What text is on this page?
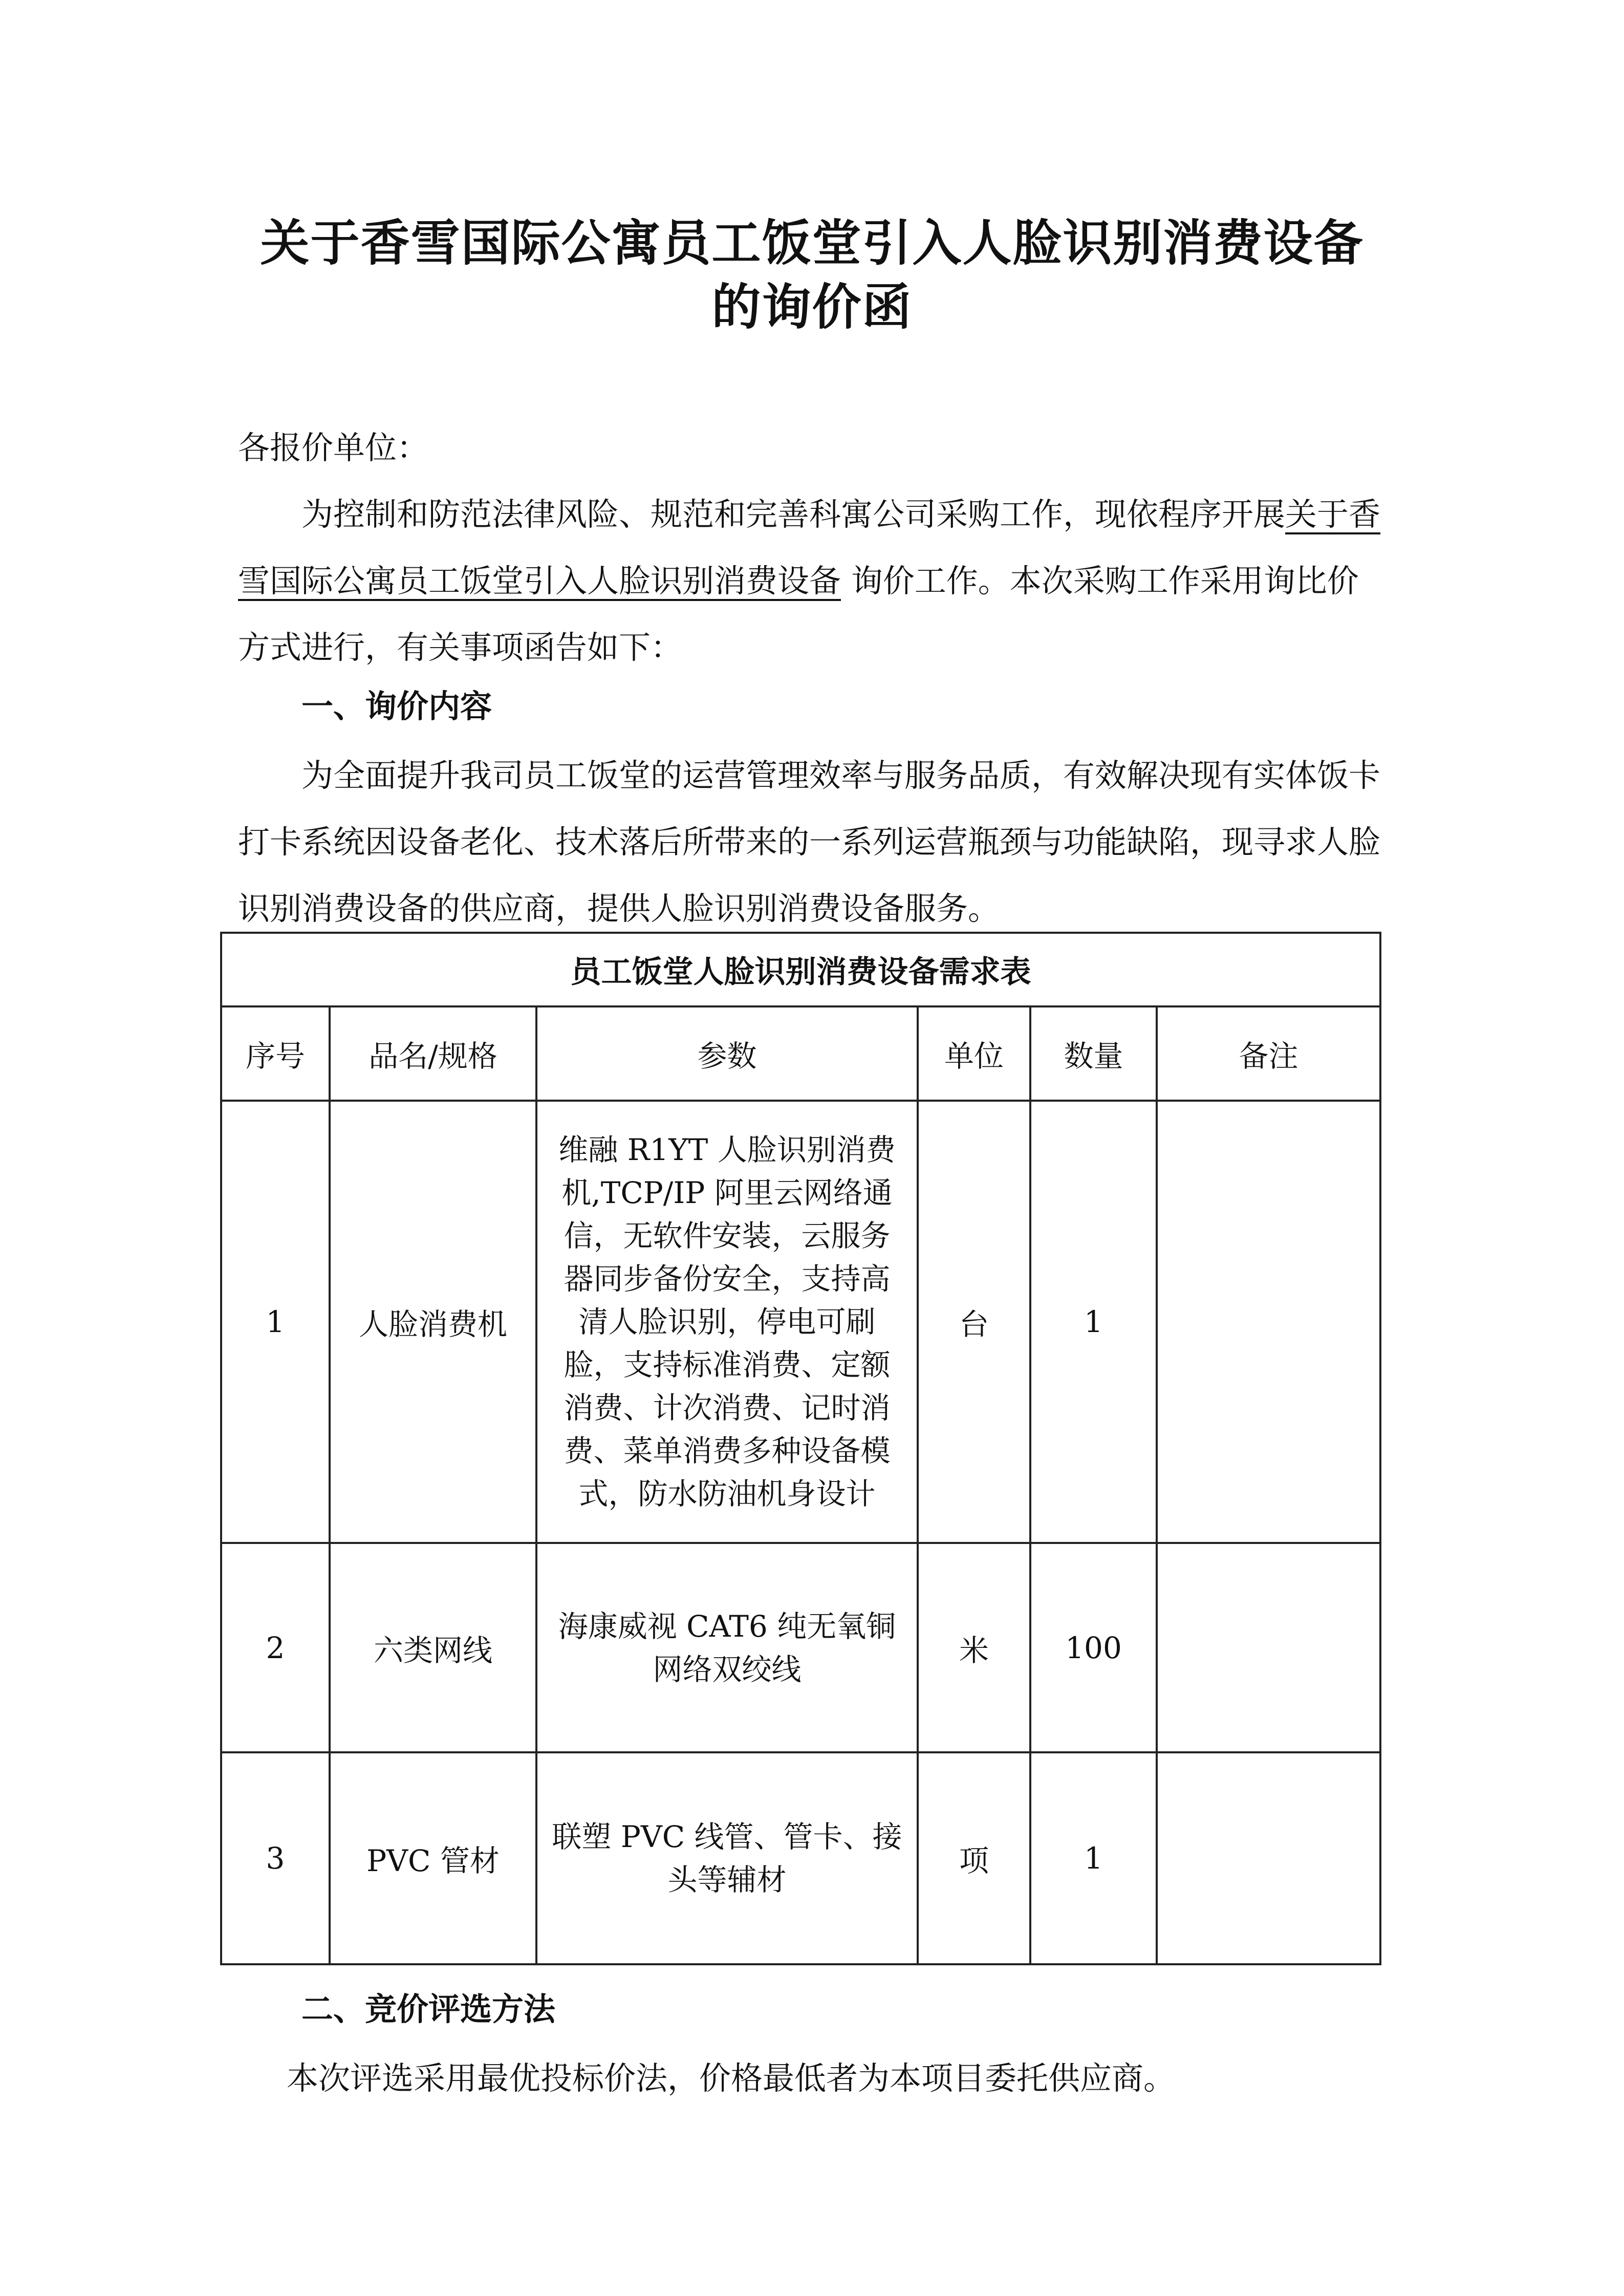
关于香雪国际公寓员工饭堂引入人脸识别消费设备
的询价函
各报价单位：
为控制和防范法律风险、规范和完善科寓公司采购工作，现依程序开展关于香雪国际公寓员工饭堂引入人脸识别消费设备 询价工作。本次采购工作采用询比价方式进行，有关事项函告如下：
一、询价内容
为全面提升我司员工饭堂的运营管理效率与服务品质，有效解决现有实体饭卡打卡系统因设备老化、技术落后所带来的一系列运营瓶颈与功能缺陷，现寻求人脸识别消费设备的供应商，提供人脸识别消费设备服务。
员工饭堂人脸识别消费设备需求表					
序号	品名/规格	参数	单位	数量	备注
1	人脸消费机	维融 R1YT 人脸识别消费机,TCP/IP 阿里云网络通信，无软件安装，云服务器同步备份安全，支持高清人脸识别，停电可刷脸，支持标准消费、定额消费、计次消费、记时消费、菜单消费多种设备模式，防水防油机身设计	台	1	
2	六类网线	海康威视 CAT6 纯无氧铜网络双绞线	米	100	
3	PVC 管材	联塑 PVC 线管、管卡、接头等辅材	项	1	
二、竞价评选方法
本次评选采用最优投标价法，价格最低者为本项目委托供应商。
